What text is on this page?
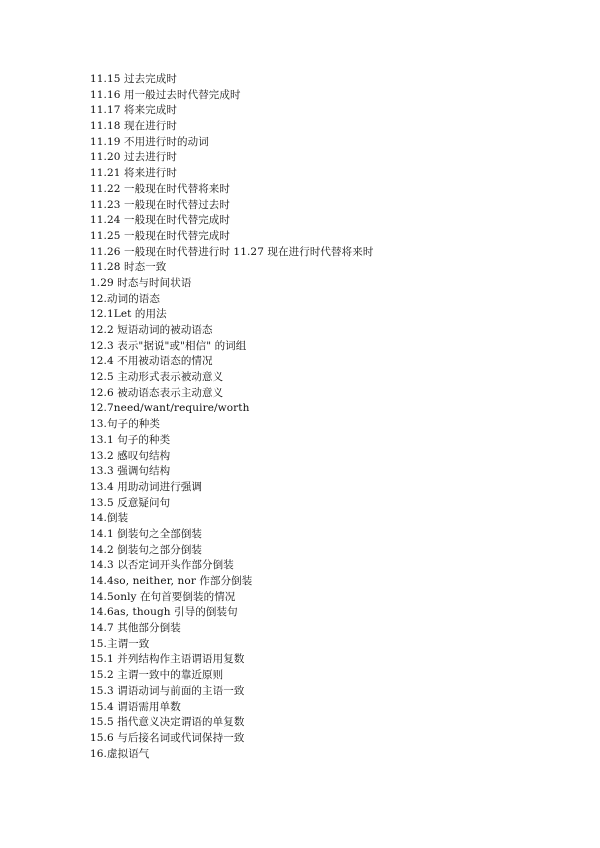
11.15 过去完成时
11.16 用一般过去时代替完成时
11.17 将来完成时
11.18 现在进行时
11.19 不用进行时的动词
11.20 过去进行时
11.21 将来进行时
11.22 一般现在时代替将来时
11.23 一般现在时代替过去时
11.24 一般现在时代替完成时
11.25 一般现在时代替完成时
11.26 一般现在时代替进行时 11.27 现在进行时代替将来时
11.28 时态一致
1.29 时态与时间状语
12.动词的语态
12.1Let 的用法
12.2 短语动词的被动语态
12.3 表示"据说"或"相信" 的词组
12.4 不用被动语态的情况
12.5 主动形式表示被动意义
12.6 被动语态表示主动意义
12.7need/want/require/worth
13.句子的种类
13.1 句子的种类
13.2 感叹句结构
13.3 强调句结构
13.4 用助动词进行强调
13.5 反意疑问句
14.倒装
14.1 倒装句之全部倒装
14.2 倒装句之部分倒装
14.3 以否定词开头作部分倒装
14.4so, neither, nor 作部分倒装
14.5only 在句首要倒装的情况
14.6as, though 引导的倒装句
14.7 其他部分倒装
15.主谓一致
15.1 并列结构作主语谓语用复数
15.2 主谓一致中的靠近原则
15.3 谓语动词与前面的主语一致
15.4 谓语需用单数
15.5 指代意义决定谓语的单复数
15.6 与后接名词或代词保持一致
16.虚拟语气
